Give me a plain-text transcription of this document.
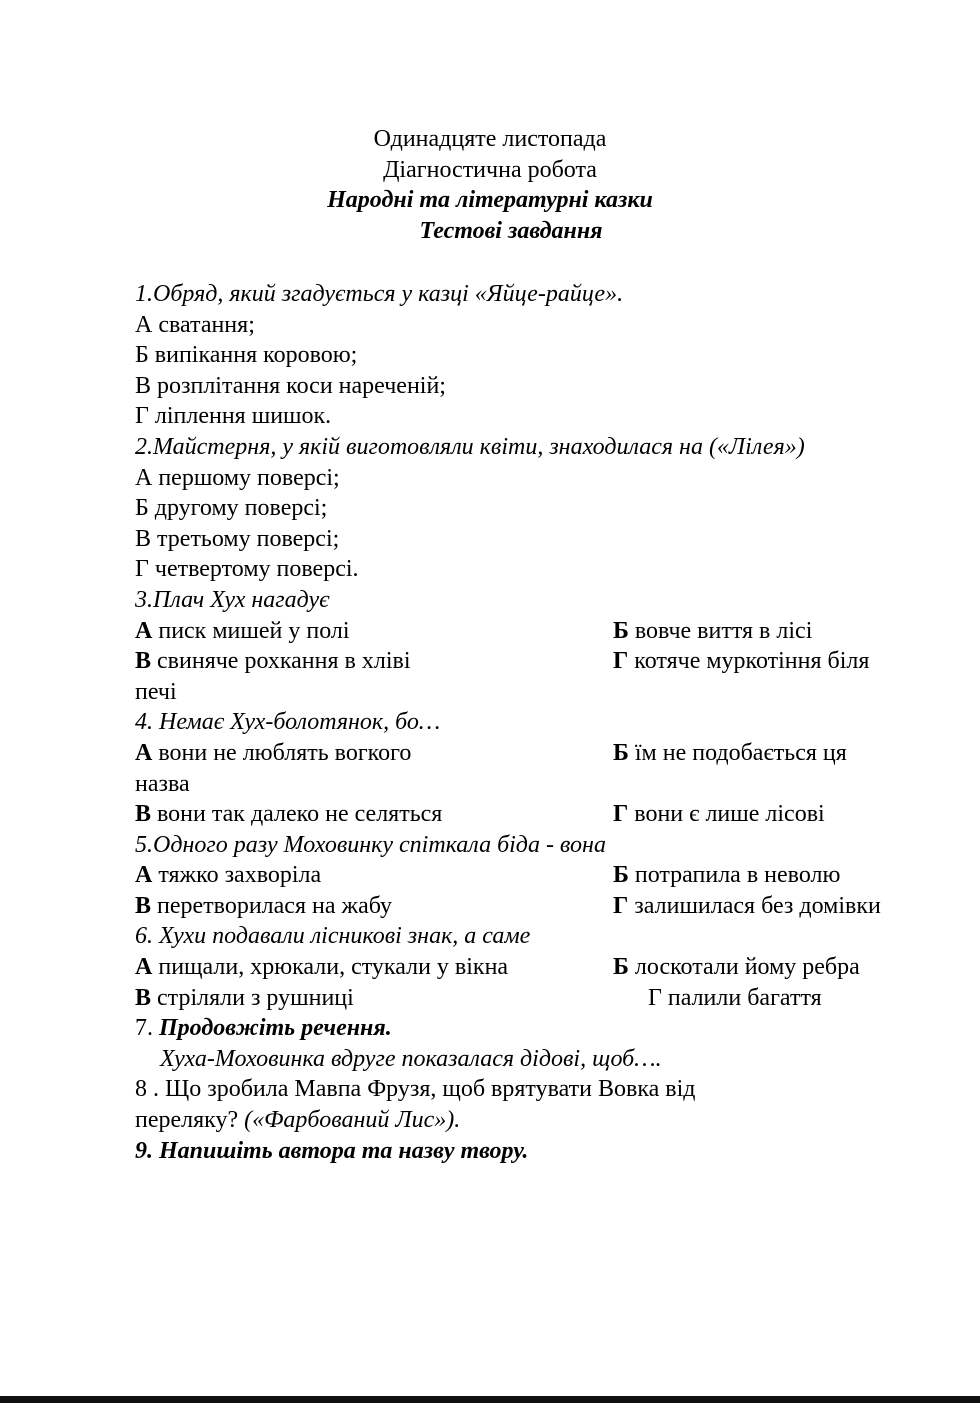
Одинадцяте листопада
Діагностична робота
Народні та літературні казки
Тестові завдання
1.Обряд, який згадується у казці «Яйце-райце».
А сватання;
Б випікання коровою;
В розплітання коси нареченій;
Г ліплення шишок.
2.Майстерня, у якій виготовляли квіти, знаходилася на («Лілея»)
А першому поверсі;
Б другому поверсі;
В третьому поверсі;
Г четвертому поверсі.
3.Плач Хух нагадує
А писк мишей у полі	Б вовче виття в лісі
В свиняче рохкання в хліві	Г котяче муркотіння біля
печі
4. Немає Хух-болотянок, бо…
А вони не люблять вогкого	Б їм не подобається ця
назва
В вони так далеко не селяться	Г вони є лише лісові
5.Одного разу Моховинку спіткала біда - вона
А тяжко захворіла	Б потрапила в неволю
В перетворилася на жабу	Г залишилася без домівки
6. Хухи подавали лісникові знак, а саме
А пищали, хрюкали, стукали у вікна	Б лоскотали йому ребра
В стріляли з рушниці	Г палили багаття
7. Продовжіть речення.
Хуха-Моховинка вдруге показалася дідові, щоб….
8 . Що зробила Мавпа Фрузя, щоб врятувати Вовка від
переляку? («Фарбований Лис»).
9. Напишіть автора та назву твору.
